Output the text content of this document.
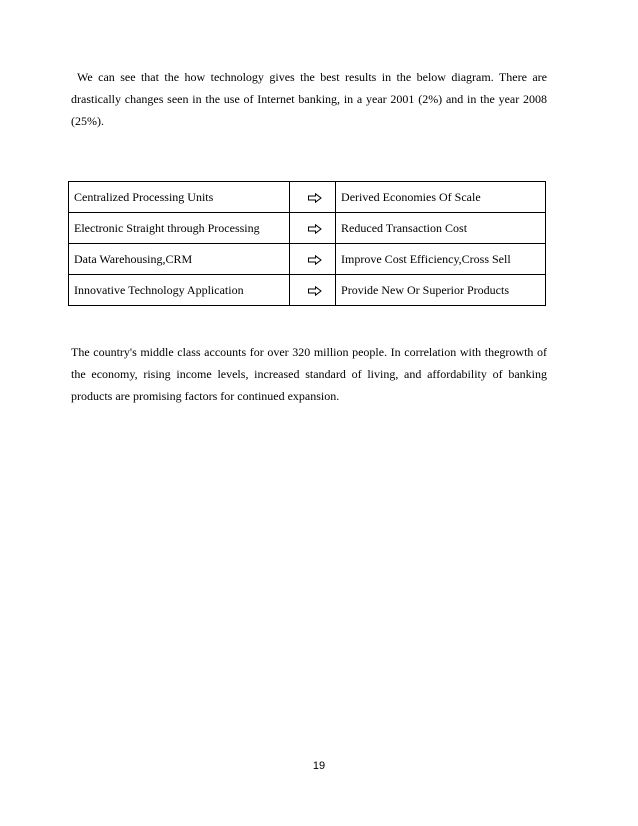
We can see that the how technology gives the best results in the below diagram. There are drastically changes seen in the use of Internet banking, in a year 2001 (2%) and in the year 2008 (25%).

Centralized Processing Units		Derived Economies Of Scale
Electronic Straight through Processing		Reduced Transaction Cost
Data Warehousing,CRM		Improve Cost Efficiency,Cross Sell
Innovative Technology Application		Provide New Or Superior Products

The country's middle class accounts for over 320 million people. In correlation with thegrowth of the economy, rising income levels, increased standard of living, and affordability of banking products are promising factors for continued expansion.

19
